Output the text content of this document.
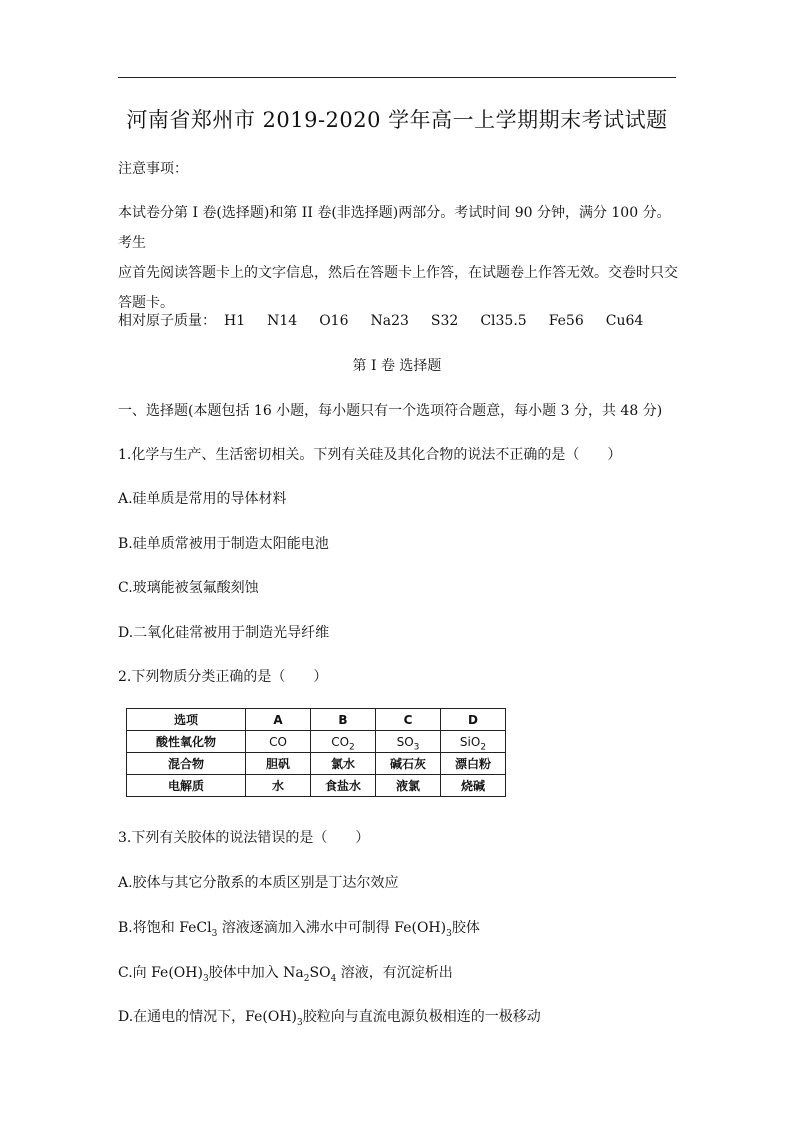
河南省郑州市 2019-2020 学年高一上学期期末考试试题
注意事项：
本试卷分第 I 卷(选择题)和第 II 卷(非选择题)两部分。考试时间 90 分钟，满分 100 分。考生
应首先阅读答题卡上的文字信息，然后在答题卡上作答，在试题卷上作答无效。交卷时只交
答题卡。
相对原子质量： H1 N14 O16 Na23 S32 Cl35.5 Fe56 Cu64
第 I 卷 选择题
一、选择题(本题包括 16 小题，每小题只有一个选项符合题意，每小题 3 分，共 48 分)
1.化学与生产、生活密切相关。下列有关硅及其化合物的说法不正确的是（　　）
A.硅单质是常用的导体材料
B.硅单质常被用于制造太阳能电池
C.玻璃能被氢氟酸刻蚀
D.二氧化硅常被用于制造光导纤维
2.下列物质分类正确的是（　　）
选项	A	B	C	D
酸性氧化物	CO	$CO_2$	$SO_3$	SiO$_2$
混合物	胆矾	氯水	碱石灰	漂白粉
电解质	水	食盐水	液氯	烧碱
3.下列有关胶体的说法错误的是（　　）
A.胶体与其它分散系的本质区别是丁达尔效应
B.将饱和 FeCl$_3$ 溶液逐滴加入沸水中可制得 $Fe(OH)_3$胶体
C.向 $Fe(OH)_3$胶体中加入 $Na_2SO_4$ 溶液，有沉淀析出
D.在通电的情况下，$Fe(OH)_3$胶粒向与直流电源负极相连的一极移动
